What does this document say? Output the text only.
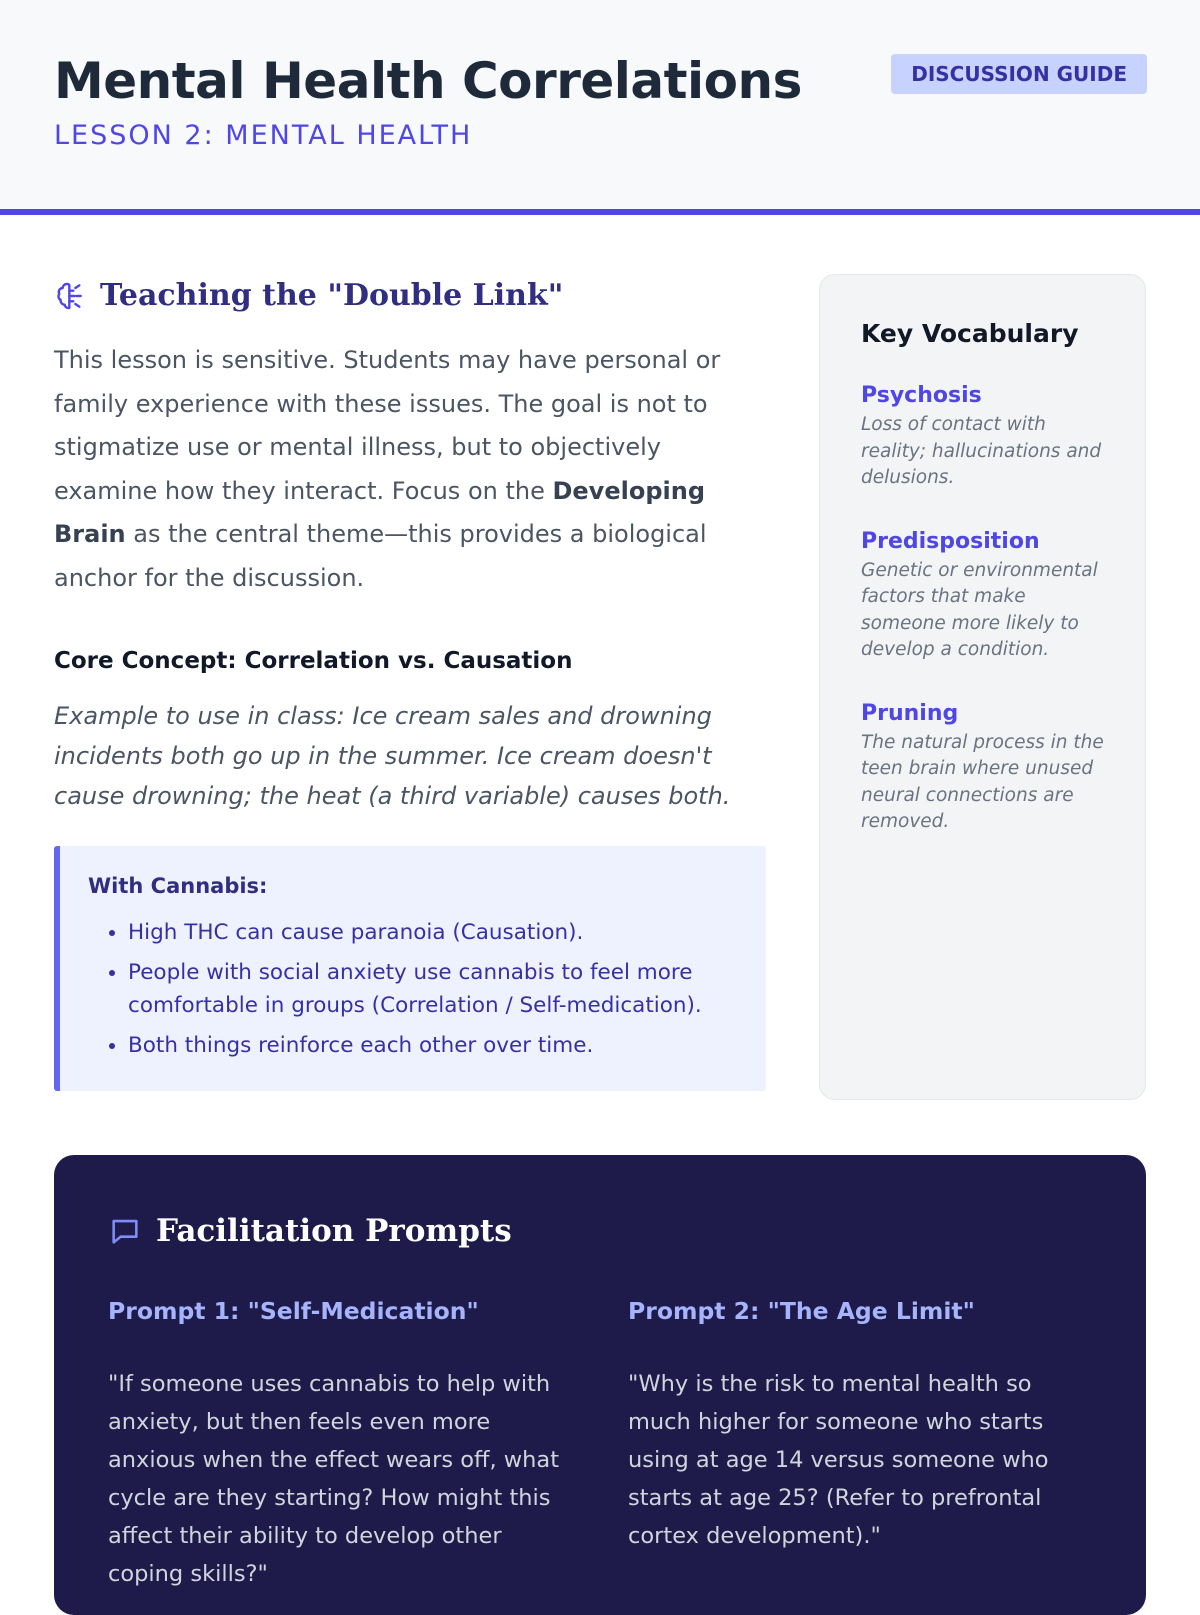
Mental Health Correlations
LESSON 2: MENTAL HEALTH
DISCUSSION GUIDE
Teaching the "Double Link"

This lesson is sensitive. Students may have personal or family experience with these issues. The goal is not to stigmatize use or mental illness, but to objectively examine how they interact. Focus on the Developing Brain as the central theme—this provides a biological anchor for the discussion.

Core Concept: Correlation vs. Causation

Example to use in class: Ice cream sales and drowning incidents both go up in the summer. Ice cream doesn't cause drowning; the heat (a third variable) causes both.

With Cannabis:
• High THC can cause paranoia (Causation).
• People with social anxiety use cannabis to feel more comfortable in groups (Correlation / Self-medication).
• Both things reinforce each other over time.
Key Vocabulary
Psychosis
Loss of contact with reality; hallucinations and delusions.
Predisposition
Genetic or environmental factors that make someone more likely to develop a condition.
Pruning
The natural process in the teen brain where unused neural connections are removed.
Facilitation Prompts
Prompt 1: "Self-Medication"
"If someone uses cannabis to help with anxiety, but then feels even more anxious when the effect wears off, what cycle are they starting? How might this affect their ability to develop other coping skills?"
Prompt 2: "The Age Limit"
"Why is the risk to mental health so much higher for someone who starts using at age 14 versus someone who starts at age 25? (Refer to prefrontal cortex development)."
